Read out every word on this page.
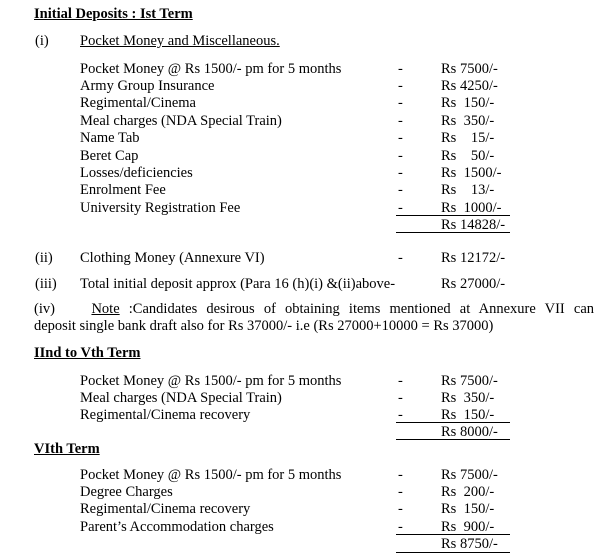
Initial Deposits : Ist Term
(i) Pocket Money and Miscellaneous.
Pocket Money @ Rs 1500/- pm for 5 months	-	Rs 7500/-
Army Group Insurance	-	Rs 4250/-
Regimental/Cinema	-	Rs  150/-
Meal charges (NDA Special Train)	-	Rs  350/-
Name Tab	-	Rs    15/-
Beret Cap	-	Rs    50/-
Losses/deficiencies	-	Rs  1500/-
Enrolment Fee	-	Rs    13/-
University Registration Fee	-	Rs  1000/-
Rs 14828/-
(ii) Clothing Money (Annexure VI)	-	Rs 12172/-
(iii) Total initial deposit approx (Para 16 (h)(i) &(ii)above-	Rs 27000/-
(iv)	Note :Candidates desirous of obtaining items mentioned at Annexure VII can
deposit single bank draft also for Rs 37000/- i.e (Rs 27000+10000 = Rs 37000)
IInd to Vth Term
Pocket Money @ Rs 1500/- pm for 5 months	-	Rs 7500/-
Meal charges (NDA Special Train)	-	Rs  350/-
Regimental/Cinema recovery	-	Rs  150/-
Rs 8000/-
VIth Term
Pocket Money @ Rs 1500/- pm for 5 months	-	Rs 7500/-
Degree Charges	-	Rs  200/-
Regimental/Cinema recovery	-	Rs  150/-
Parent’s Accommodation charges	-	Rs  900/-
Rs 8750/-
